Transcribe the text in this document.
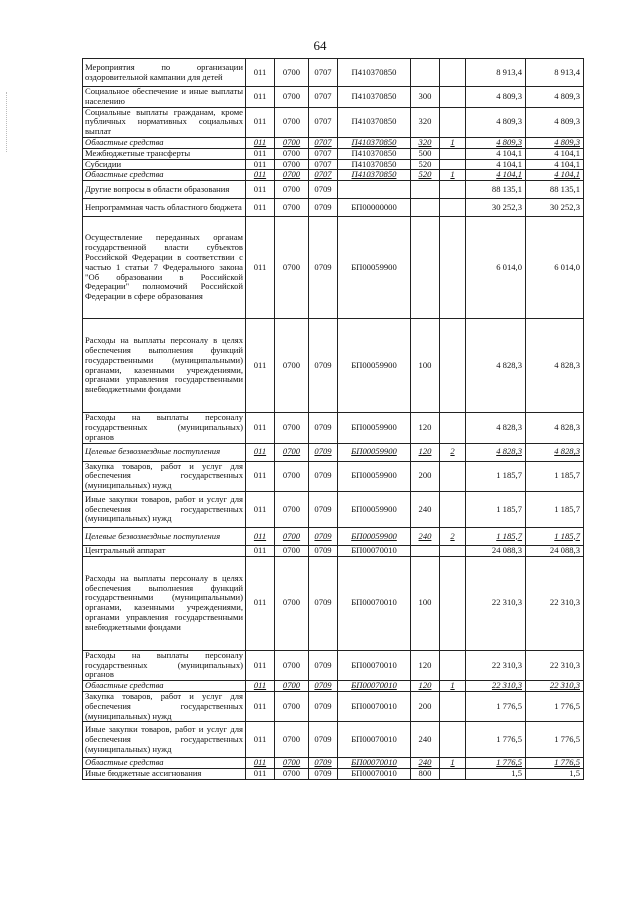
64
Мероприятия по организации оздоровительной кампании для детей	011	0700	0707	П410370850			8 913,4	8 913,4
Социальное обеспечение и иные выплаты населению	011	0700	0707	П410370850	300		4 809,3	4 809,3
Социальные выплаты гражданам, кроме публичных нормативных социальных выплат	011	0700	0707	П410370850	320		4 809,3	4 809,3
Областные средства	011	0700	0707	П410370850	320	1	4 809,3	4 809,3
Межбюджетные трансферты	011	0700	0707	П410370850	500		4 104,1	4 104,1
Субсидии	011	0700	0707	П410370850	520		4 104,1	4 104,1
Областные средства	011	0700	0707	П410370850	520	1	4 104,1	4 104,1
Другие вопросы в области образования	011	0700	0709				88 135,1	88 135,1
Непрограммная часть областного бюджета	011	0700	0709	БП00000000			30 252,3	30 252,3
Осуществление переданных органам государственной власти субъектов Российской Федерации в соответствии с частью 1 статьи 7 Федерального закона "Об образовании в Российской Федерации" полномочий Российской Федерации в сфере образования	011	0700	0709	БП00059900			6 014,0	6 014,0
Расходы на выплаты персоналу в целях обеспечения выполнения функций государственными (муниципальными) органами, казенными учреждениями, органами управления государственными внебюджетными фондами	011	0700	0709	БП00059900	100		4 828,3	4 828,3
Расходы на выплаты персоналу государственных (муниципальных) органов	011	0700	0709	БП00059900	120		4 828,3	4 828,3
Целевые безвозмездные поступления	011	0700	0709	БП00059900	120	2	4 828,3	4 828,3
Закупка товаров, работ и услуг для обеспечения государственных (муниципальных) нужд	011	0700	0709	БП00059900	200		1 185,7	1 185,7
Иные закупки товаров, работ и услуг для обеспечения государственных (муниципальных) нужд	011	0700	0709	БП00059900	240		1 185,7	1 185,7
Целевые безвозмездные поступления	011	0700	0709	БП00059900	240	2	1 185,7	1 185,7
Центральный аппарат	011	0700	0709	БП00070010			24 088,3	24 088,3
Расходы на выплаты персоналу в целях обеспечения выполнения функций государственными (муниципальными) органами, казенными учреждениями, органами управления государственными внебюджетными фондами	011	0700	0709	БП00070010	100		22 310,3	22 310,3
Расходы на выплаты персоналу государственных (муниципальных) органов	011	0700	0709	БП00070010	120		22 310,3	22 310,3
Областные средства	011	0700	0709	БП00070010	120	1	22 310,3	22 310,3
Закупка товаров, работ и услуг для обеспечения государственных (муниципальных) нужд	011	0700	0709	БП00070010	200		1 776,5	1 776,5
Иные закупки товаров, работ и услуг для обеспечения государственных (муниципальных) нужд	011	0700	0709	БП00070010	240		1 776,5	1 776,5
Областные средства	011	0700	0709	БП00070010	240	1	1 776,5	1 776,5
Иные бюджетные ассигнования	011	0700	0709	БП00070010	800		1,5	1,5
